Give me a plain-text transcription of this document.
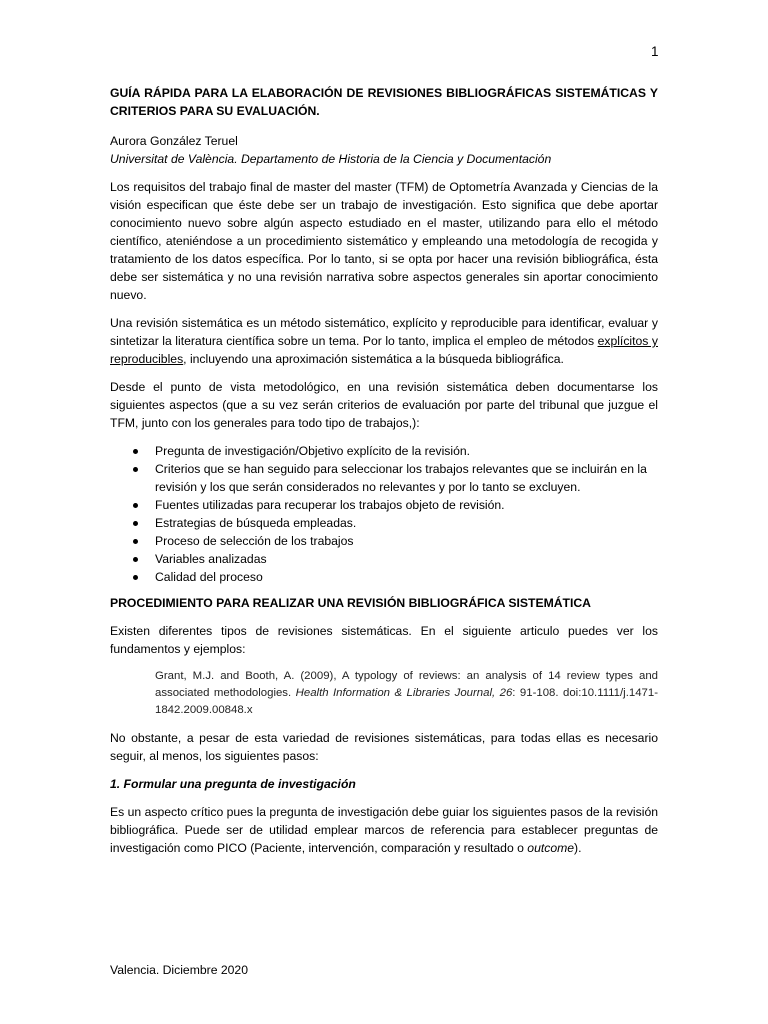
1

GUÍA RÁPIDA PARA LA ELABORACIÓN DE REVISIONES BIBLIOGRÁFICAS SISTEMÁTICAS Y CRITERIOS PARA SU EVALUACIÓN.

Aurora González Teruel

Universitat de València. Departamento de Historia de la Ciencia y Documentación

Los requisitos del trabajo final de master del master (TFM) de Optometría Avanzada y Ciencias de la visión especifican que éste debe ser un trabajo de investigación. Esto significa que debe aportar conocimiento nuevo sobre algún aspecto estudiado en el master, utilizando para ello el método científico, ateniéndose a un procedimiento sistemático y empleando una metodología de recogida y tratamiento de los datos específica. Por lo tanto, si se opta por hacer una revisión bibliográfica, ésta debe ser sistemática y no una revisión narrativa sobre aspectos generales sin aportar conocimiento nuevo.

Una revisión sistemática es un método sistemático, explícito y reproducible para identificar, evaluar y sintetizar la literatura científica sobre un tema. Por lo tanto, implica el empleo de métodos explícitos y reproducibles, incluyendo una aproximación sistemática a la búsqueda bibliográfica.

Desde el punto de vista metodológico, en una revisión sistemática deben documentarse los siguientes aspectos (que a su vez serán criterios de evaluación por parte del tribunal que juzgue el TFM, junto con los generales para todo tipo de trabajos,):

Pregunta de investigación/Objetivo explícito de la revisión.
Criterios que se han seguido para seleccionar los trabajos relevantes que se incluirán en la revisión y los que serán considerados no relevantes y por lo tanto se excluyen.
Fuentes utilizadas para recuperar los trabajos objeto de revisión.
Estrategias de búsqueda empleadas.
Proceso de selección de los trabajos
Variables analizadas
Calidad del proceso

PROCEDIMIENTO PARA REALIZAR UNA REVISIÓN BIBLIOGRÁFICA SISTEMÁTICA

Existen diferentes tipos de revisiones sistemáticas. En el siguiente articulo puedes ver los fundamentos y ejemplos:

Grant, M.J. and Booth, A. (2009), A typology of reviews: an analysis of 14 review types and associated methodologies. Health Information & Libraries Journal, 26: 91-108. doi:10.1111/j.1471-1842.2009.00848.x

No obstante, a pesar de esta variedad de revisiones sistemáticas, para todas ellas es necesario seguir, al menos, los siguientes pasos:

1. Formular una pregunta de investigación

Es un aspecto crítico pues la pregunta de investigación debe guiar los siguientes pasos de la revisión bibliográfica. Puede ser de utilidad emplear marcos de referencia para establecer preguntas de investigación como PICO (Paciente, intervención, comparación y resultado o outcome).

Valencia. Diciembre 2020
